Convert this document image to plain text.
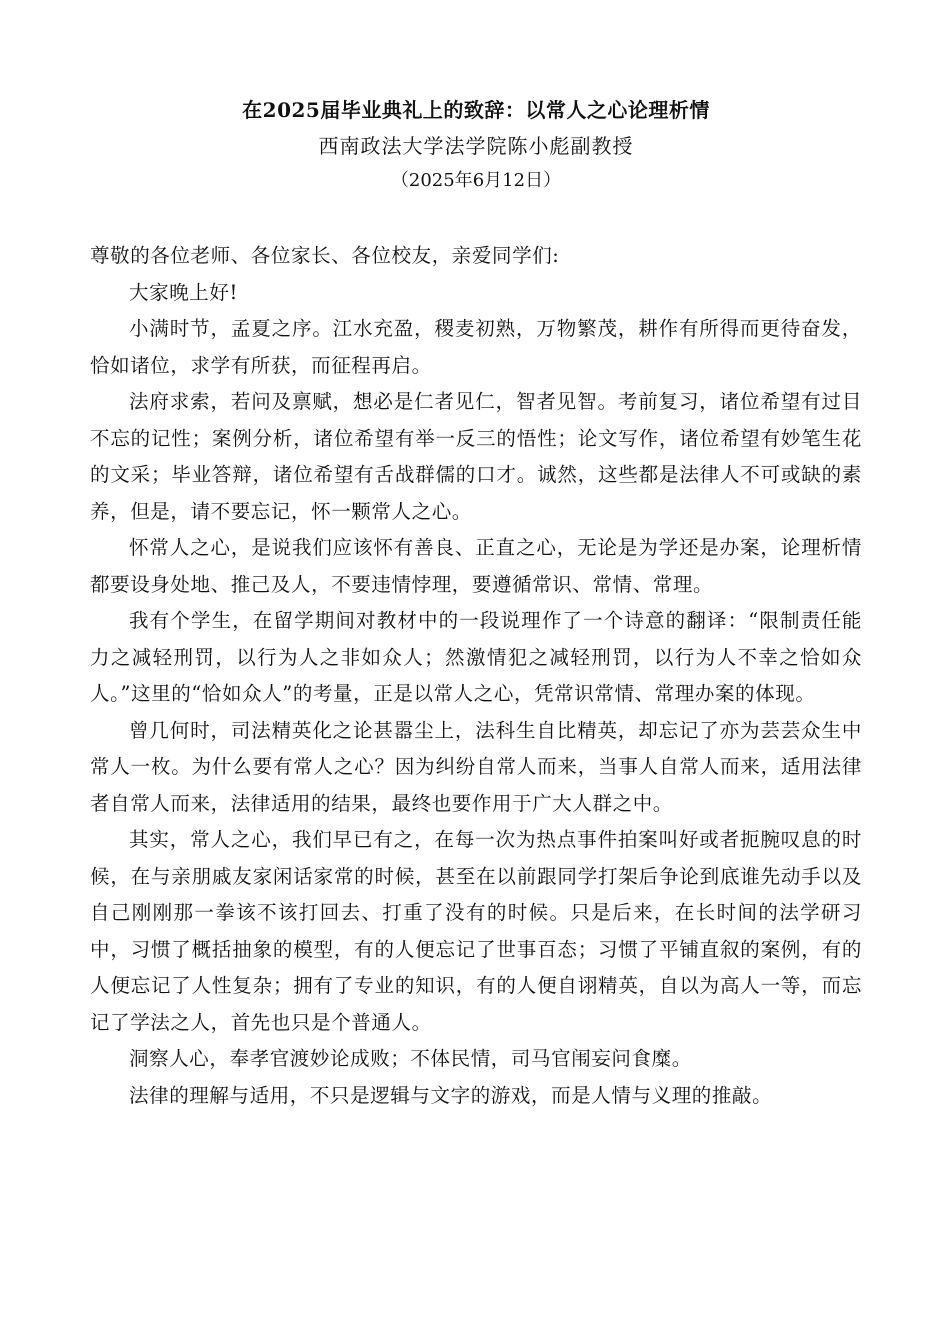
在2025届毕业典礼上的致辞：以常人之心论理析情
西南政法大学法学院陈小彪副教授
（2025年6月12日）

尊敬的各位老师、各位家长、各位校友，亲爱同学们:

大家晚上好!

小满时节，孟夏之序。江水充盈，稷麦初熟，万物繁茂，耕作有所得而更待奋发，恰如诸位，求学有所获，而征程再启。

法府求索，若问及禀赋，想必是仁者见仁，智者见智。考前复习，诸位希望有过目不忘的记性；案例分析，诸位希望有举一反三的悟性；论文写作，诸位希望有妙笔生花的文采；毕业答辩，诸位希望有舌战群儒的口才。诚然，这些都是法律人不可或缺的素养，但是，请不要忘记，怀一颗常人之心。

怀常人之心，是说我们应该怀有善良、正直之心，无论是为学还是办案，论理析情都要设身处地、推己及人，不要违情悖理，要遵循常识、常情、常理。

我有个学生，在留学期间对教材中的一段说理作了一个诗意的翻译：“限制责任能力之减轻刑罚，以行为人之非如众人；然激情犯之减轻刑罚，以行为人不幸之恰如众人。”这里的“恰如众人”的考量，正是以常人之心，凭常识常情、常理办案的体现。

曾几何时，司法精英化之论甚嚣尘上，法科生自比精英，却忘记了亦为芸芸众生中常人一枚。为什么要有常人之心？因为纠纷自常人而来，当事人自常人而来，适用法律者自常人而来，法律适用的结果，最终也要作用于广大人群之中。

其实，常人之心，我们早已有之，在每一次为热点事件拍案叫好或者扼腕叹息的时候，在与亲朋戚友家闲话家常的时候，甚至在以前跟同学打架后争论到底谁先动手以及自己刚刚那一拳该不该打回去、打重了没有的时候。只是后来，在长时间的法学研习中，习惯了概括抽象的模型，有的人便忘记了世事百态；习惯了平铺直叙的案例，有的人便忘记了人性复杂；拥有了专业的知识，有的人便自诩精英，自以为高人一等，而忘记了学法之人，首先也只是个普通人。

洞察人心，奉孝官渡妙论成败；不体民情，司马官闱妄问食糜。

法律的理解与适用，不只是逻辑与文字的游戏，而是人情与义理的推敲。
